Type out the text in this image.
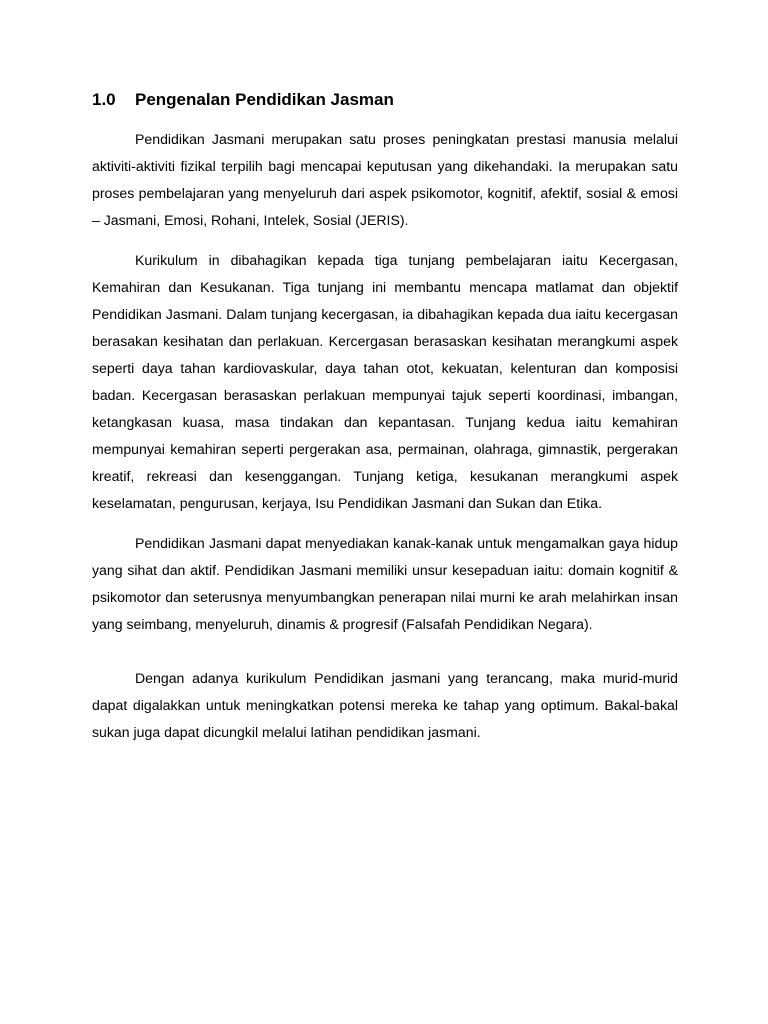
1.0	Pengenalan Pendidikan Jasman

Pendidikan Jasmani merupakan satu proses peningkatan prestasi manusia melalui aktiviti-aktiviti fizikal terpilih bagi mencapai keputusan yang dikehandaki. Ia merupakan satu proses pembelajaran yang menyeluruh dari aspek psikomotor, kognitif, afektif, sosial & emosi – Jasmani, Emosi, Rohani, Intelek, Sosial (JERIS).

Kurikulum in dibahagikan kepada tiga tunjang pembelajaran iaitu Kecergasan, Kemahiran dan Kesukanan. Tiga tunjang ini membantu mencapa matlamat dan objektif Pendidikan Jasmani. Dalam tunjang kecergasan, ia dibahagikan kepada dua iaitu kecergasan berasakan kesihatan dan perlakuan. Kercergasan berasaskan kesihatan merangkumi aspek seperti daya tahan kardiovaskular, daya tahan otot, kekuatan, kelenturan dan komposisi badan. Kecergasan berasaskan perlakuan mempunyai tajuk seperti koordinasi, imbangan, ketangkasan kuasa, masa tindakan dan kepantasan. Tunjang kedua iaitu kemahiran mempunyai kemahiran seperti pergerakan asa, permainan, olahraga, gimnastik, pergerakan kreatif, rekreasi dan kesenggangan. Tunjang ketiga, kesukanan merangkumi aspek keselamatan, pengurusan, kerjaya, Isu Pendidikan Jasmani dan Sukan dan Etika.

Pendidikan Jasmani dapat menyediakan kanak-kanak untuk mengamalkan gaya hidup yang sihat dan aktif. Pendidikan Jasmani memiliki unsur kesepaduan iaitu: domain kognitif & psikomotor dan seterusnya menyumbangkan penerapan nilai murni ke arah melahirkan insan yang seimbang, menyeluruh, dinamis & progresif (Falsafah Pendidikan Negara).

Dengan adanya kurikulum Pendidikan jasmani yang terancang, maka murid-murid dapat digalakkan untuk meningkatkan potensi mereka ke tahap yang optimum. Bakal-bakal sukan juga dapat dicungkil melalui latihan pendidikan jasmani.
